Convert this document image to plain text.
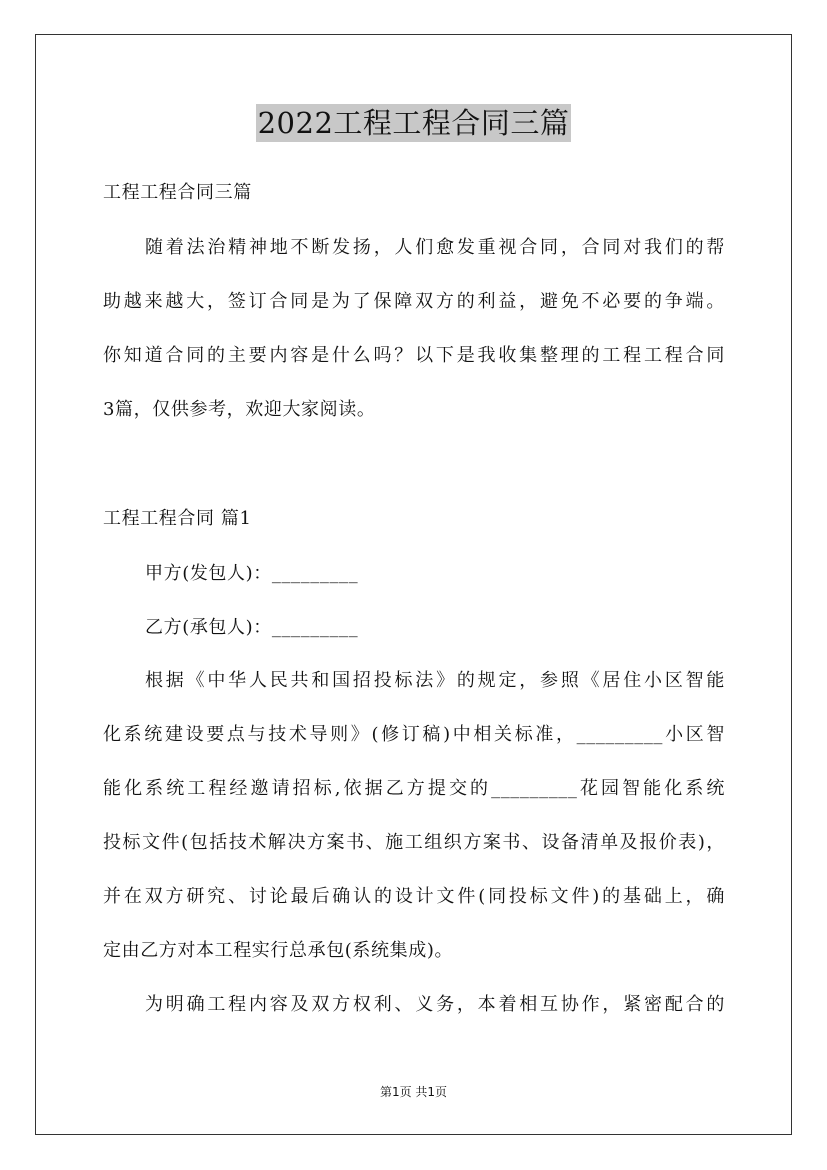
2022工程工程合同三篇
工程工程合同三篇
随着法治精神地不断发扬，人们愈发重视合同，合同对我们的帮
助越来越大，签订合同是为了保障双方的利益，避免不必要的争端。
你知道合同的主要内容是什么吗？以下是我收集整理的工程工程合同
3篇，仅供参考，欢迎大家阅读。
工程工程合同 篇1
甲方(发包人)：_________
乙方(承包人)：_________
根据《中华人民共和国招投标法》的规定，参照《居住小区智能
化系统建设要点与技术导则》(修订稿)中相关标准，_________小区智
能化系统工程经邀请招标,依据乙方提交的_________花园智能化系统
投标文件(包括技术解决方案书、施工组织方案书、设备清单及报价表)，
并在双方研究、讨论最后确认的设计文件(同投标文件)的基础上，确
定由乙方对本工程实行总承包(系统集成)。
为明确工程内容及双方权利、义务，本着相互协作，紧密配合的
第1页 共1页
